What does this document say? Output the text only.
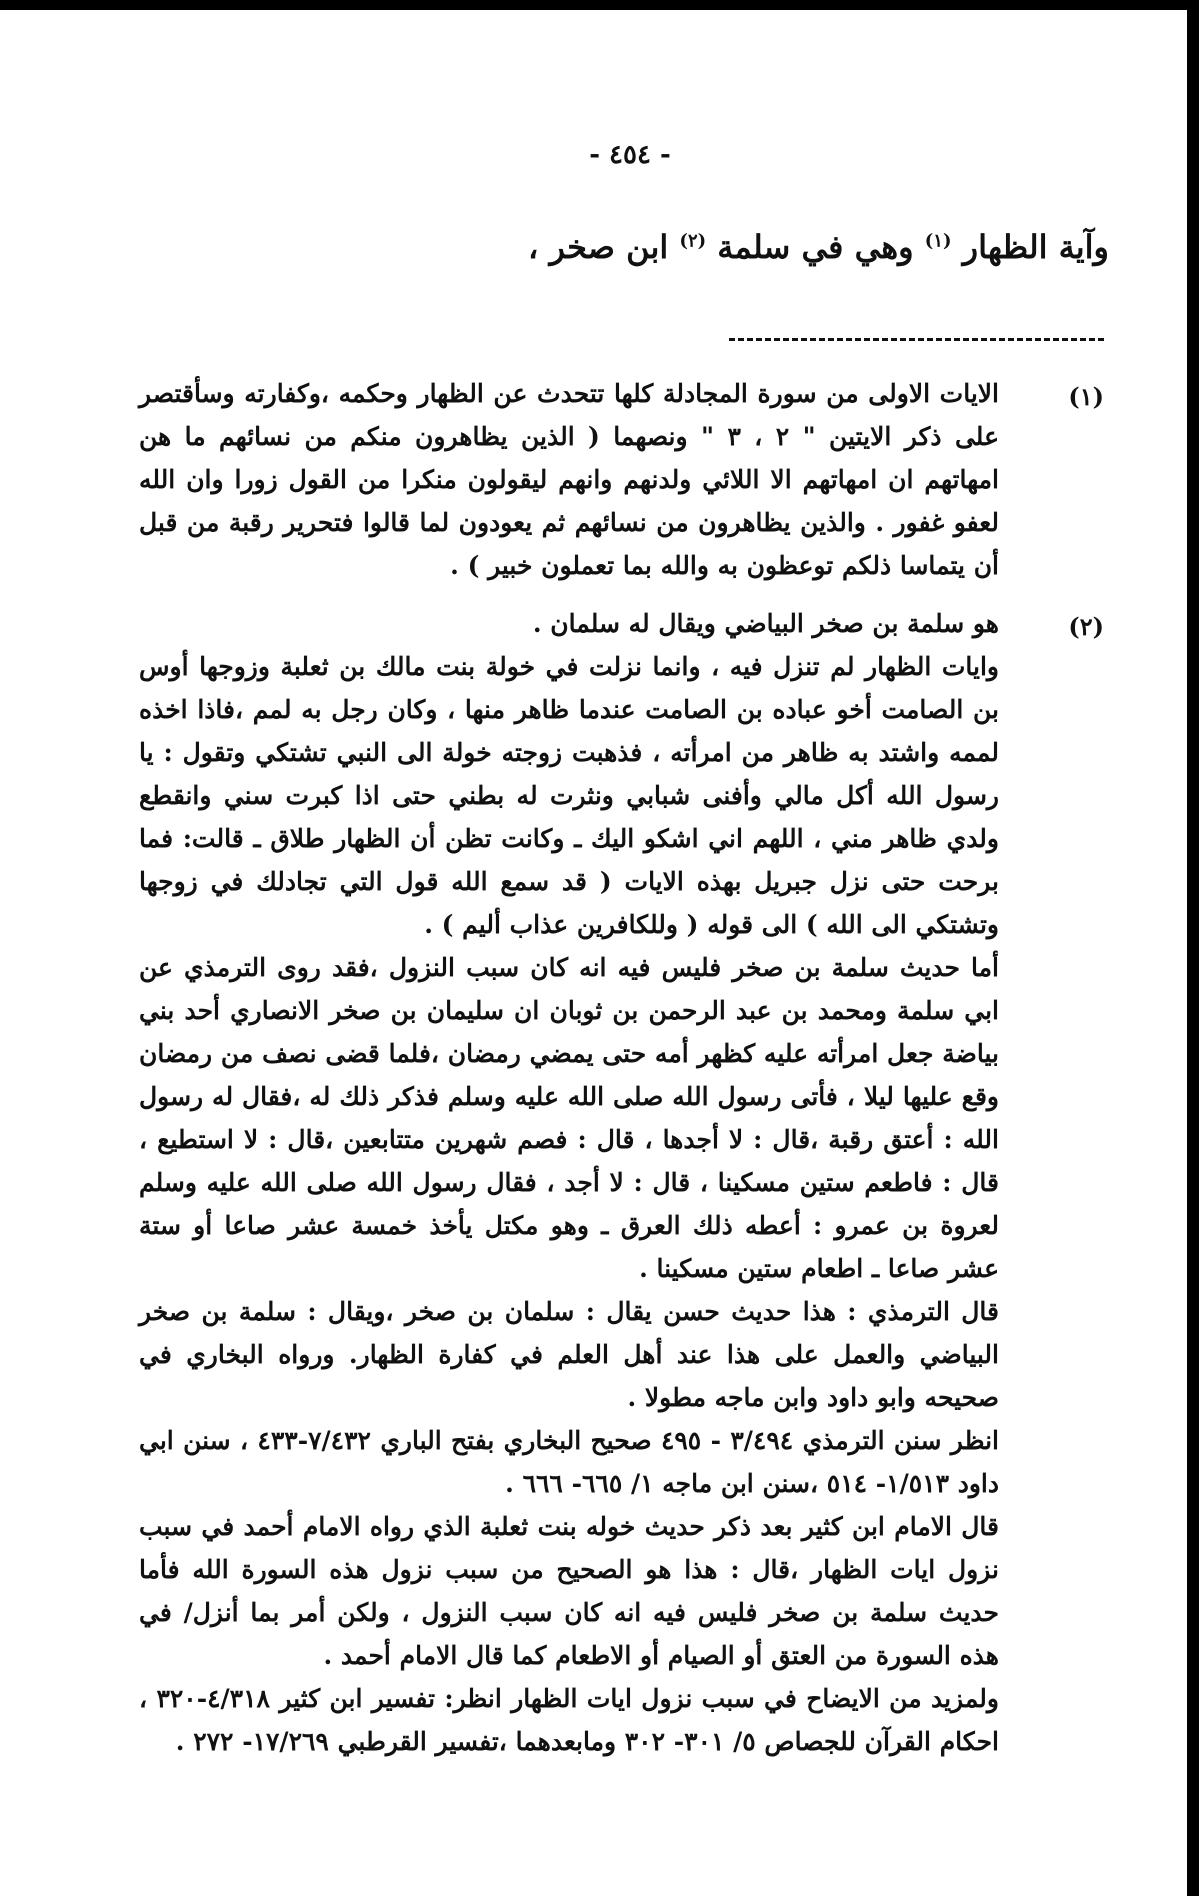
- ٤٥٤ -
وآية الظهار $^{(١)}$ وهي في سلمة $^{(٢)}$ ابن صخر ،
(١)

الايات الاولى من سورة المجادلة كلها تتحدث عن الظهار وحكمه ،وكفارته وسأقتصر على ذكر الايتين " ٢ ، ٣ " ونصهما ( الذين يظاهرون منكم من نسائهم ما هن امهاتهم ان امهاتهم الا اللائي ولدنهم وانهم ليقولون منكرا من القول زورا وان الله لعفو غفور . والذين يظاهرون من نسائهم ثم يعودون لما قالوا فتحرير رقبة من قبل أن يتماسا ذلكم توعظون به والله بما تعملون خبير ) .

(٢)

هو سلمة بن صخر البياضي ويقال له سلمان .

وايات الظهار لم تنزل فيه ، وانما نزلت في خولة بنت مالك بن ثعلبة وزوجها أوس بن الصامت أخو عباده بن الصامت عندما ظاهر منها ، وكان رجل به لمم ،فاذا اخذه لممه واشتد به ظاهر من امرأته ، فذهبت زوجته خولة الى النبي تشتكي وتقول : يا رسول الله أكل مالي وأفنى شبابي ونثرت له بطني حتى اذا كبرت سني وانقطع ولدي ظاهر مني ، اللهم اني اشكو اليك ـ وكانت تظن أن الظهار طلاق ـ قالت: فما برحت حتى نزل جبريل بهذه الايات ( قد سمع الله قول التي تجادلك في زوجها وتشتكي الى الله ) الى قوله ( وللكافرين عذاب أليم ) .

أما حديث سلمة بن صخر فليس فيه انه كان سبب النزول ،فقد روى الترمذي عن ابي سلمة ومحمد بن عبد الرحمن بن ثوبان ان سليمان بن صخر الانصاري أحد بني بياضة جعل امرأته عليه كظهر أمه حتى يمضي رمضان ،فلما قضى نصف من رمضان وقع عليها ليلا ، فأتى رسول الله صلى الله عليه وسلم فذكر ذلك له ،فقال له رسول الله : أعتق رقبة ،قال : لا أجدها ، قال : فصم شهرين متتابعين ،قال : لا استطيع ، قال : فاطعم ستين مسكينا ، قال : لا أجد ، فقال رسول الله صلى الله عليه وسلم لعروة بن عمرو : أعطه ذلك العرق ـ وهو مكتل يأخذ خمسة عشر صاعا أو ستة عشر صاعا ـ اطعام ستين مسكينا .

قال الترمذي : هذا حديث حسن يقال : سلمان بن صخر ،ويقال : سلمة بن صخر البياضي والعمل على هذا عند أهل العلم في كفارة الظهار. ورواه البخاري في صحيحه وابو داود وابن ماجه مطولا .

انظر سنن الترمذي ٣/٤٩٤ - ٤٩٥ صحيح البخاري بفتح الباري ٧/٤٣٢-٤٣٣ ، سنن ابي داود ١/٥١٣- ٥١٤ ،سنن ابن ماجه ١/ ٦٦٥- ٦٦٦ .

قال الامام ابن كثير بعد ذكر حديث خوله بنت ثعلبة الذي رواه الامام أحمد في سبب نزول ايات الظهار ،قال : هذا هو الصحيح من سبب نزول هذه السورة الله فأما حديث سلمة بن صخر فليس فيه انه كان سبب النزول ، ولكن أمر بما أنزل/ في هذه السورة من العتق أو الصيام أو الاطعام كما قال الامام أحمد .

ولمزيد من الايضاح في سبب نزول ايات الظهار انظر: تفسير ابن كثير ٤/٣١٨-٣٢٠ ، احكام القرآن للجصاص ٥/ ٣٠١- ٣٠٢ ومابعدهما ،تفسير القرطبي ١٧/٢٦٩- ٢٧٢ .
